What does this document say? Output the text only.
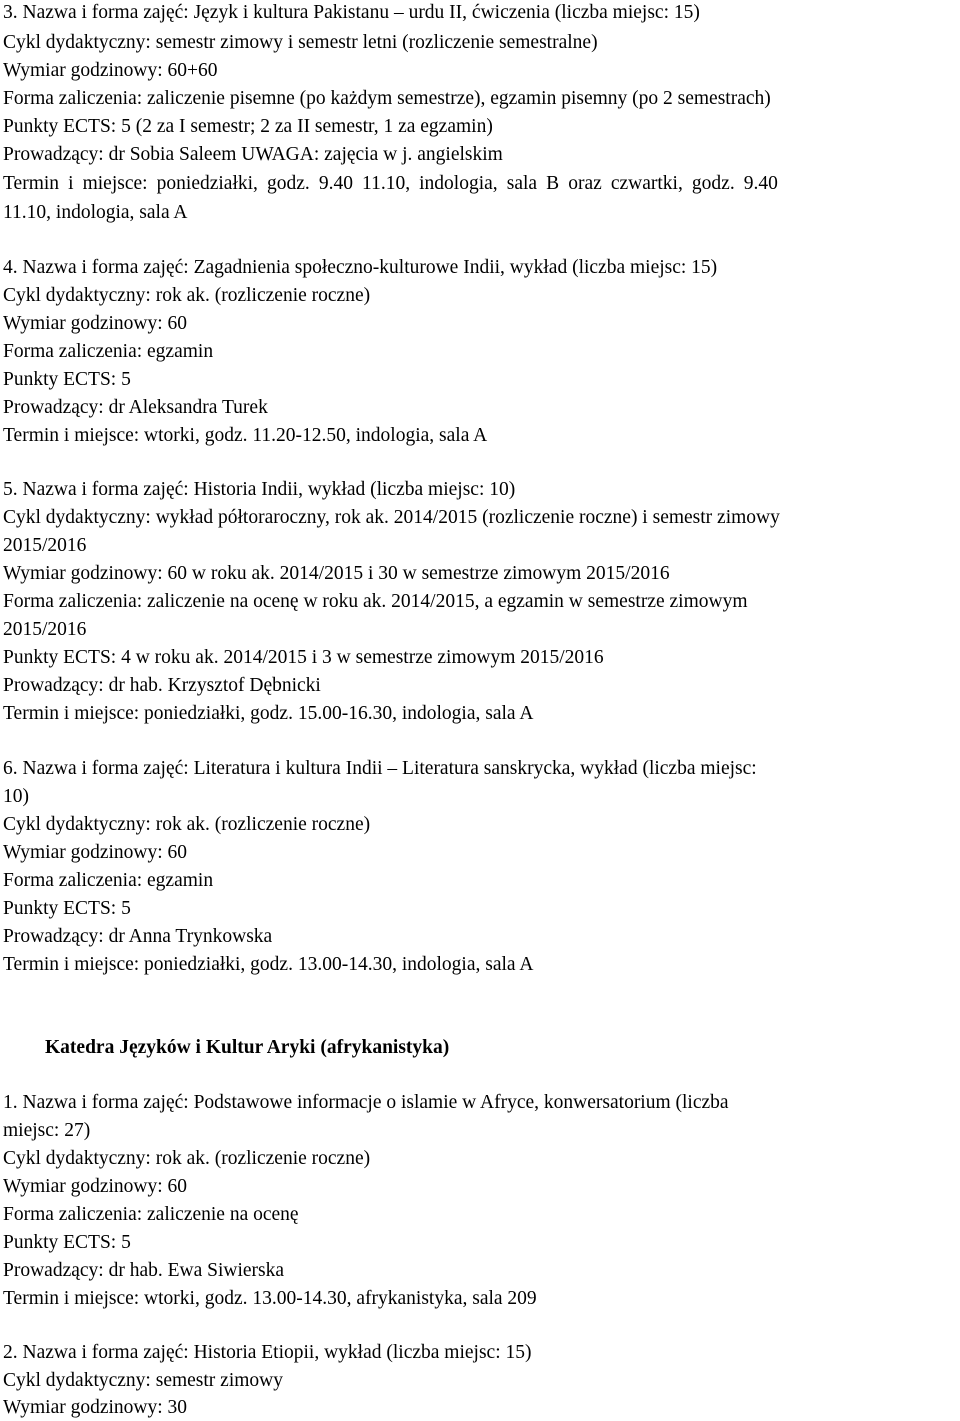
3. Nazwa i forma zajęć: Język i kultura Pakistanu – urdu II, ćwiczenia (liczba miejsc: 15)
Cykl dydaktyczny: semestr zimowy i semestr letni (rozliczenie semestralne)
Wymiar godzinowy: 60+60
Forma zaliczenia: zaliczenie pisemne (po każdym semestrze), egzamin pisemny (po 2 semestrach)
Punkty ECTS: 5 (2 za I semestr; 2 za II semestr, 1 za egzamin)
Prowadzący: dr Sobia Saleem UWAGA: zajęcia w j. angielskim
Termin i miejsce: poniedziałki, godz. 9.40 11.10, indologia, sala B oraz czwartki, godz. 9.40
11.10, indologia, sala A
4. Nazwa i forma zajęć: Zagadnienia społeczno-kulturowe Indii, wykład (liczba miejsc: 15)
Cykl dydaktyczny: rok ak. (rozliczenie roczne)
Wymiar godzinowy: 60
Forma zaliczenia: egzamin
Punkty ECTS: 5
Prowadzący: dr Aleksandra Turek
Termin i miejsce: wtorki, godz. 11.20-12.50, indologia, sala A
5. Nazwa i forma zajęć: Historia Indii, wykład (liczba miejsc: 10)
Cykl dydaktyczny: wykład półtoraroczny, rok ak. 2014/2015 (rozliczenie roczne) i semestr zimowy
2015/2016
Wymiar godzinowy: 60 w roku ak. 2014/2015 i 30 w semestrze zimowym 2015/2016
Forma zaliczenia: zaliczenie na ocenę w roku ak. 2014/2015, a egzamin w semestrze zimowym
2015/2016
Punkty ECTS: 4 w roku ak. 2014/2015 i 3 w semestrze zimowym 2015/2016
Prowadzący: dr hab. Krzysztof Dębnicki
Termin i miejsce: poniedziałki, godz. 15.00-16.30, indologia, sala A
6. Nazwa i forma zajęć: Literatura i kultura Indii – Literatura sanskrycka, wykład (liczba miejsc:
10)
Cykl dydaktyczny: rok ak. (rozliczenie roczne)
Wymiar godzinowy: 60
Forma zaliczenia: egzamin
Punkty ECTS: 5
Prowadzący: dr Anna Trynkowska
Termin i miejsce: poniedziałki, godz. 13.00-14.30, indologia, sala A
Katedra Języków i Kultur Aryki (afrykanistyka)
1. Nazwa i forma zajęć: Podstawowe informacje o islamie w Afryce, konwersatorium (liczba
miejsc: 27)
Cykl dydaktyczny: rok ak. (rozliczenie roczne)
Wymiar godzinowy: 60
Forma zaliczenia: zaliczenie na ocenę
Punkty ECTS: 5
Prowadzący: dr hab. Ewa Siwierska
Termin i miejsce: wtorki, godz. 13.00-14.30, afrykanistyka, sala 209
2. Nazwa i forma zajęć: Historia Etiopii, wykład (liczba miejsc: 15)
Cykl dydaktyczny: semestr zimowy
Wymiar godzinowy: 30
